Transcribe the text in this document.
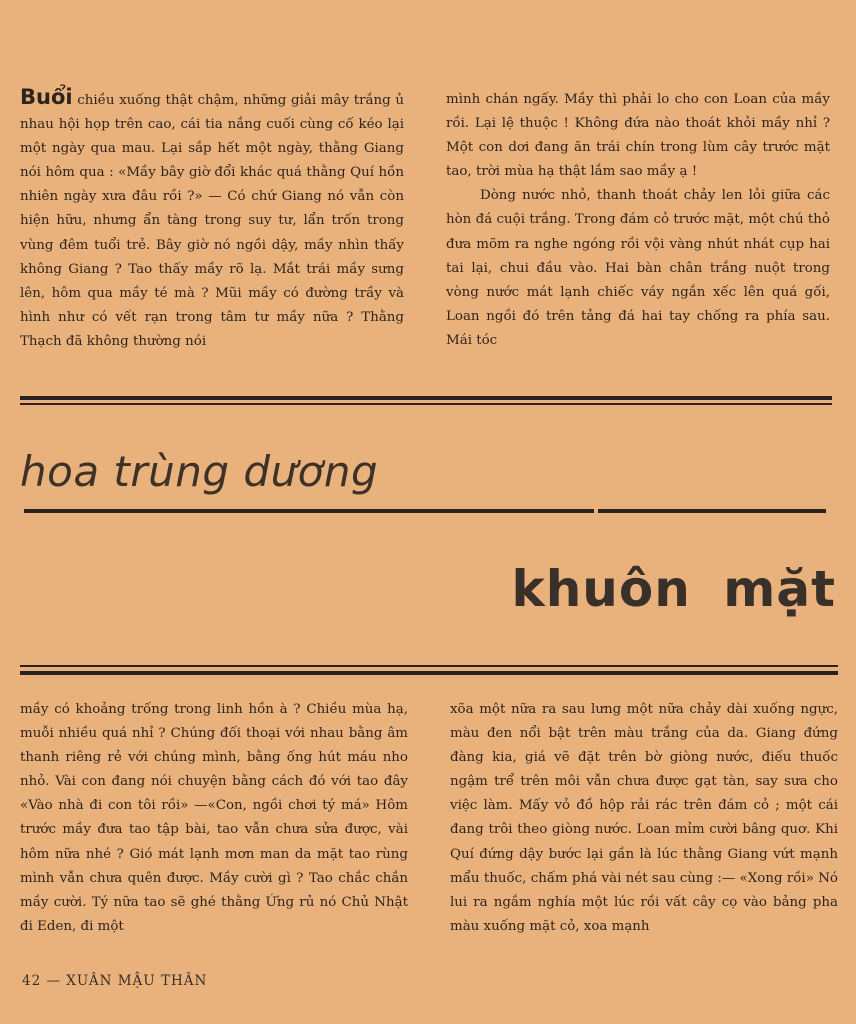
Buổi chiều xuống thật chậm, những giải mây trắng ủ nhau hội họp trên cao, cái tia nắng cuối cùng cố kéo lại một ngày qua mau. Lại sắp hết một ngày, thằng Giang nói hôm qua : «Mầy bây giờ đổi khác quá thằng Quí hồn nhiên ngày xưa đâu rồi ?» — Có chứ Giang nó vẫn còn hiện hữu, nhưng ẩn tàng trong suy tư, lẩn trốn trong vùng đêm tuổi trẻ. Bây giờ nó ngồi dậy, mầy nhìn thấy không Giang ? Tao thấy mầy rõ lạ. Mắt trái mầy sưng lên, hôm qua mầy té mà ? Mũi mầy có đường trầy và hình như có vết rạn trong tâm tư mầy nữa ? Thằng Thạch đã không thường nói

mình chán ngấy. Mầy thì phải lo cho con Loan của mầy rồi. Lại lệ thuộc ! Không đứa nào thoát khỏi mầy nhỉ ? Một con dơi đang ăn trái chín trong lùm cây trước mặt tao, trời mùa hạ thật lắm sao mầy ạ !

Dòng nước nhỏ, thanh thoát chảy len lỏi giữa các hòn đá cuội trắng. Trong đám cỏ trước mặt, một chú thỏ đưa mõm ra nghe ngóng rồi vội vàng nhút nhát cụp hai tai lại, chui đầu vào. Hai bàn chân trắng nuột trong vòng nước mát lạnh chiếc váy ngắn xếc lên quá gối, Loan ngồi đó trên tảng đá hai tay chống ra phía sau. Mái tóc

hoa trùng dương
khuôn mặt

mầy có khoảng trống trong linh hồn à ? Chiều mùa hạ, muỗi nhiều quá nhỉ ? Chúng đối thoại với nhau bằng âm thanh riêng rẻ với chúng mình, bằng ống hút máu nho nhỏ. Vài con đang nói chuyện bằng cách đó với tao đây «Vào nhà đi con tôi rồi» —«Con, ngồi chơi tý má» Hôm trước mầy đưa tao tập bài, tao vẫn chưa sửa được, vài hôm nữa nhé ? Gió mát lạnh mơn man da mặt tao rùng mình vẫn chưa quên được. Mầy cười gì ? Tao chắc chắn mầy cười. Tý nữa tao sẽ ghé thằng Ứng rủ nó Chủ Nhật đi Eden, đi một

xõa một nữa ra sau lưng một nữa chảy dài xuống ngực, màu đen nổi bật trên màu trắng của da. Giang đứng đàng kia, giá vẽ đặt trên bờ giòng nước, điếu thuốc ngậm trể trên môi vẫn chưa được gạt tàn, say sưa cho việc làm. Mấy vỏ đồ hộp rải rác trên đám cỏ ; một cái đang trôi theo giòng nước. Loan mỉm cười bâng quơ. Khi Quí đứng dậy bước lại gần là lúc thằng Giang vứt mạnh mẩu thuốc, chấm phá vài nét sau cùng :— «Xong rồi» Nó lui ra ngắm nghía một lúc rồi vất cây cọ vào bảng pha màu xuống mặt cỏ, xoa mạnh

42 — XUÂN MẬU THÂN
